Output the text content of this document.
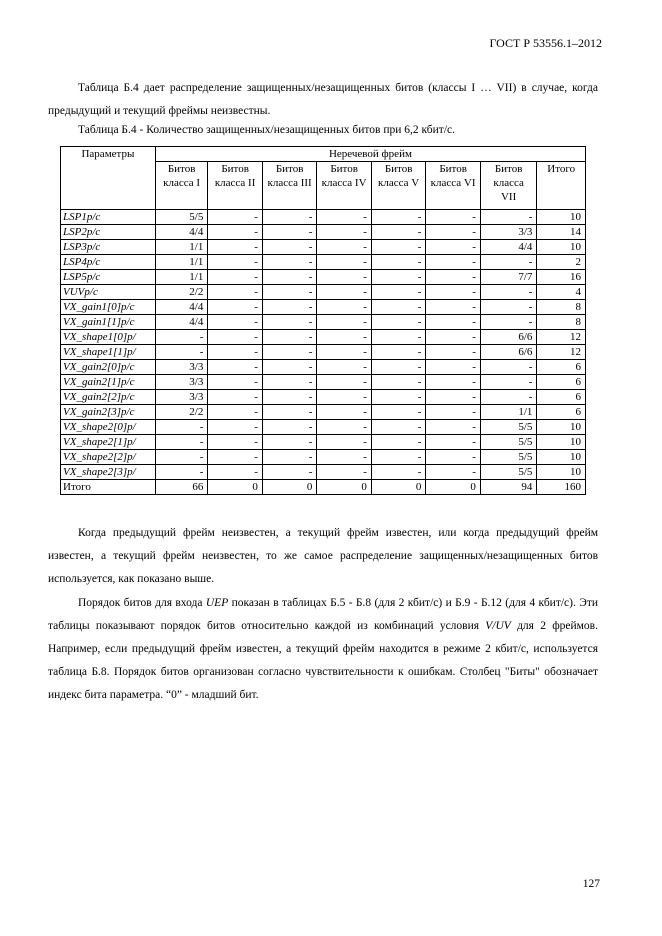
ГОСТ Р 53556.1–2012

Таблица Б.4 дает распределение защищенных/незащищенных битов (классы I … VII) в случае, когда предыдущий и текущий фреймы неизвестны.

Таблица Б.4 - Количество защищенных/незащищенных битов при 6,2 кбит/с.
Параметры	Неречевой фрейм							
	Битов класса I	Битов класса II	Битов класса III	Битов класса IV	Битов класса V	Битов класса VI	Битов класса VII	Итого
LSP1p/c	5/5	-	-	-	-	-	-	10
LSP2p/c	4/4	-	-	-	-	-	3/3	14
LSP3p/c	1/1	-	-	-	-	-	4/4	10
LSP4p/c	1/1	-	-	-	-	-	-	2
LSP5p/c	1/1	-	-	-	-	-	7/7	16
VUVp/c	2/2	-	-	-	-	-	-	4
VX_gain1[0]p/c	4/4	-	-	-	-	-	-	8
VX_gain1[1]p/c	4/4	-	-	-	-	-	-	8
VX_shape1[0]p/	-	-	-	-	-	-	6/6	12
VX_shape1[1]p/	-	-	-	-	-	-	6/6	12
VX_gain2[0]p/c	3/3	-	-	-	-	-	-	6
VX_gain2[1]p/c	3/3	-	-	-	-	-	-	6
VX_gain2[2]p/c	3/3	-	-	-	-	-	-	6
VX_gain2[3]p/c	2/2	-	-	-	-	-	1/1	6
VX_shape2[0]p/	-	-	-	-	-	-	5/5	10
VX_shape2[1]p/	-	-	-	-	-	-	5/5	10
VX_shape2[2]p/	-	-	-	-	-	-	5/5	10
VX_shape2[3]p/	-	-	-	-	-	-	5/5	10
Итого	66	0	0	0	0	0	94	160

Когда предыдущий фрейм неизвестен, а текущий фрейм известен, или когда предыдущий фрейм известен, а текущий фрейм неизвестен, то же самое распределение защищенных/незащищенных битов используется, как показано выше.

Порядок битов для входа UEP показан в таблицах Б.5 - Б.8 (для 2 кбит/с) и Б.9 - Б.12 (для 4 кбит/с). Эти таблицы показывают порядок битов относительно каждой из комбинаций условия V/UV для 2 фреймов. Например, если предыдущий фрейм известен, а текущий фрейм находится в режиме 2 кбит/с, используется таблица Б.8. Порядок битов организован согласно чувствительности к ошибкам. Столбец "Биты" обозначает индекс бита параметра. “0” - младший бит.

127
